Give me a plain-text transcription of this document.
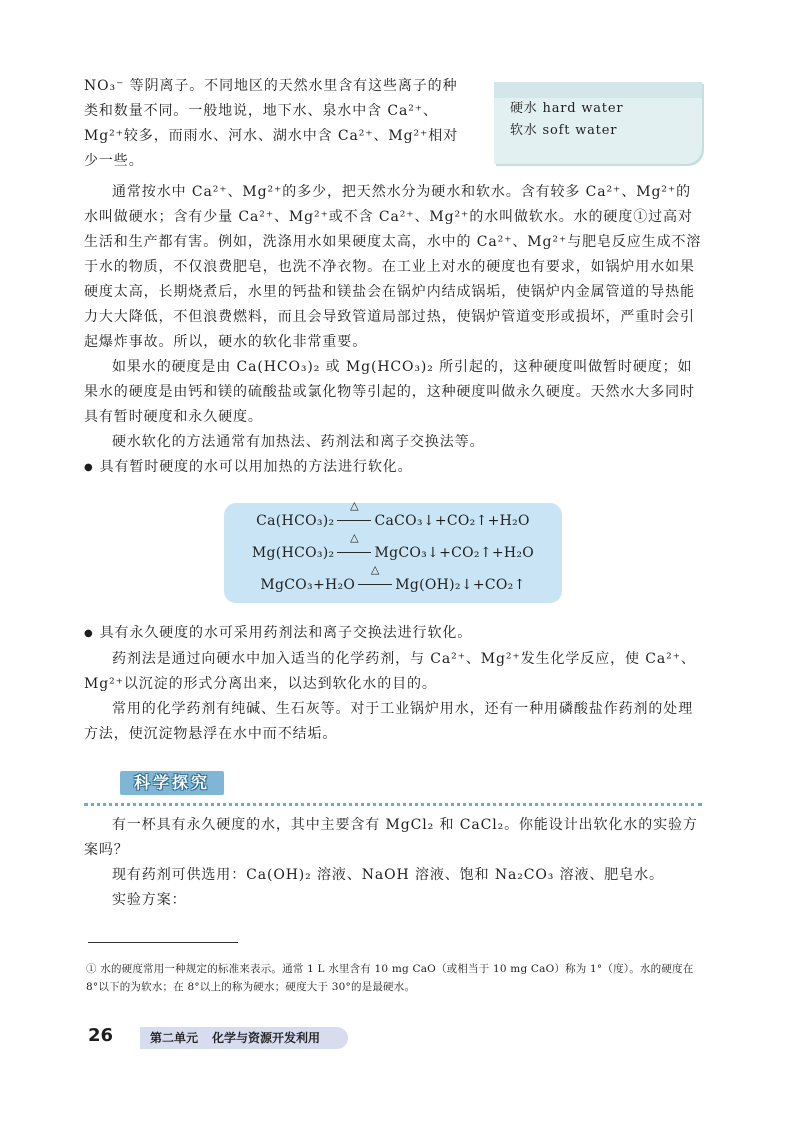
NO₃⁻ 等阴离子。不同地区的天然水里含有这些离子的种

类和数量不同。一般地说，地下水、泉水中含 Ca²⁺、

Mg²⁺较多，而雨水、河水、湖水中含 Ca²⁺、Mg²⁺相对

少一些。

硬水 hard water
软水 soft water

通常按水中 Ca²⁺、Mg²⁺的多少，把天然水分为硬水和软水。含有较多 Ca²⁺、Mg²⁺的水叫做硬水；含有少量 Ca²⁺、Mg²⁺或不含 Ca²⁺、Mg²⁺的水叫做软水。水的硬度①过高对生活和生产都有害。例如，洗涤用水如果硬度太高，水中的 Ca²⁺、Mg²⁺与肥皂反应生成不溶于水的物质，不仅浪费肥皂，也洗不净衣物。在工业上对水的硬度也有要求，如锅炉用水如果硬度太高，长期烧煮后，水里的钙盐和镁盐会在锅炉内结成锅垢，使锅炉内金属管道的导热能力大大降低，不但浪费燃料，而且会导致管道局部过热，使锅炉管道变形或损坏，严重时会引起爆炸事故。所以，硬水的软化非常重要。

如果水的硬度是由 Ca(HCO₃)₂ 或 Mg(HCO₃)₂ 所引起的，这种硬度叫做暂时硬度；如果水的硬度是由钙和镁的硫酸盐或氯化物等引起的，这种硬度叫做永久硬度。天然水大多同时具有暂时硬度和永久硬度。

硬水软化的方法通常有加热法、药剂法和离子交换法等。

● 具有暂时硬度的水可以用加热的方法进行软化。

Ca(HCO₃)₂
△
CaCO₃↓+CO₂↑+H₂O
Mg(HCO₃)₂
△
MgCO₃↓+CO₂↑+H₂O
MgCO₃+H₂O
△
Mg(OH)₂↓+CO₂↑

● 具有永久硬度的水可采用药剂法和离子交换法进行软化。

药剂法是通过向硬水中加入适当的化学药剂，与 Ca²⁺、Mg²⁺发生化学反应，使 Ca²⁺、Mg²⁺以沉淀的形式分离出来，以达到软化水的目的。

常用的化学药剂有纯碱、生石灰等。对于工业锅炉用水，还有一种用磷酸盐作药剂的处理方法，使沉淀物悬浮在水中而不结垢。

科学探究

有一杯具有永久硬度的水，其中主要含有 MgCl₂ 和 CaCl₂。你能设计出软化水的实验方案吗？

现有药剂可供选用：Ca(OH)₂ 溶液、NaOH 溶液、饱和 Na₂CO₃ 溶液、肥皂水。

实验方案：

① 水的硬度常用一种规定的标准来表示。通常 1 L 水里含有 10 mg CaO（或相当于 10 mg CaO）称为 1°（度）。水的硬度在 8°以下的为软水；在 8°以上的称为硬水；硬度大于 30°的是最硬水。

26	第二单元 化学与资源开发利用
